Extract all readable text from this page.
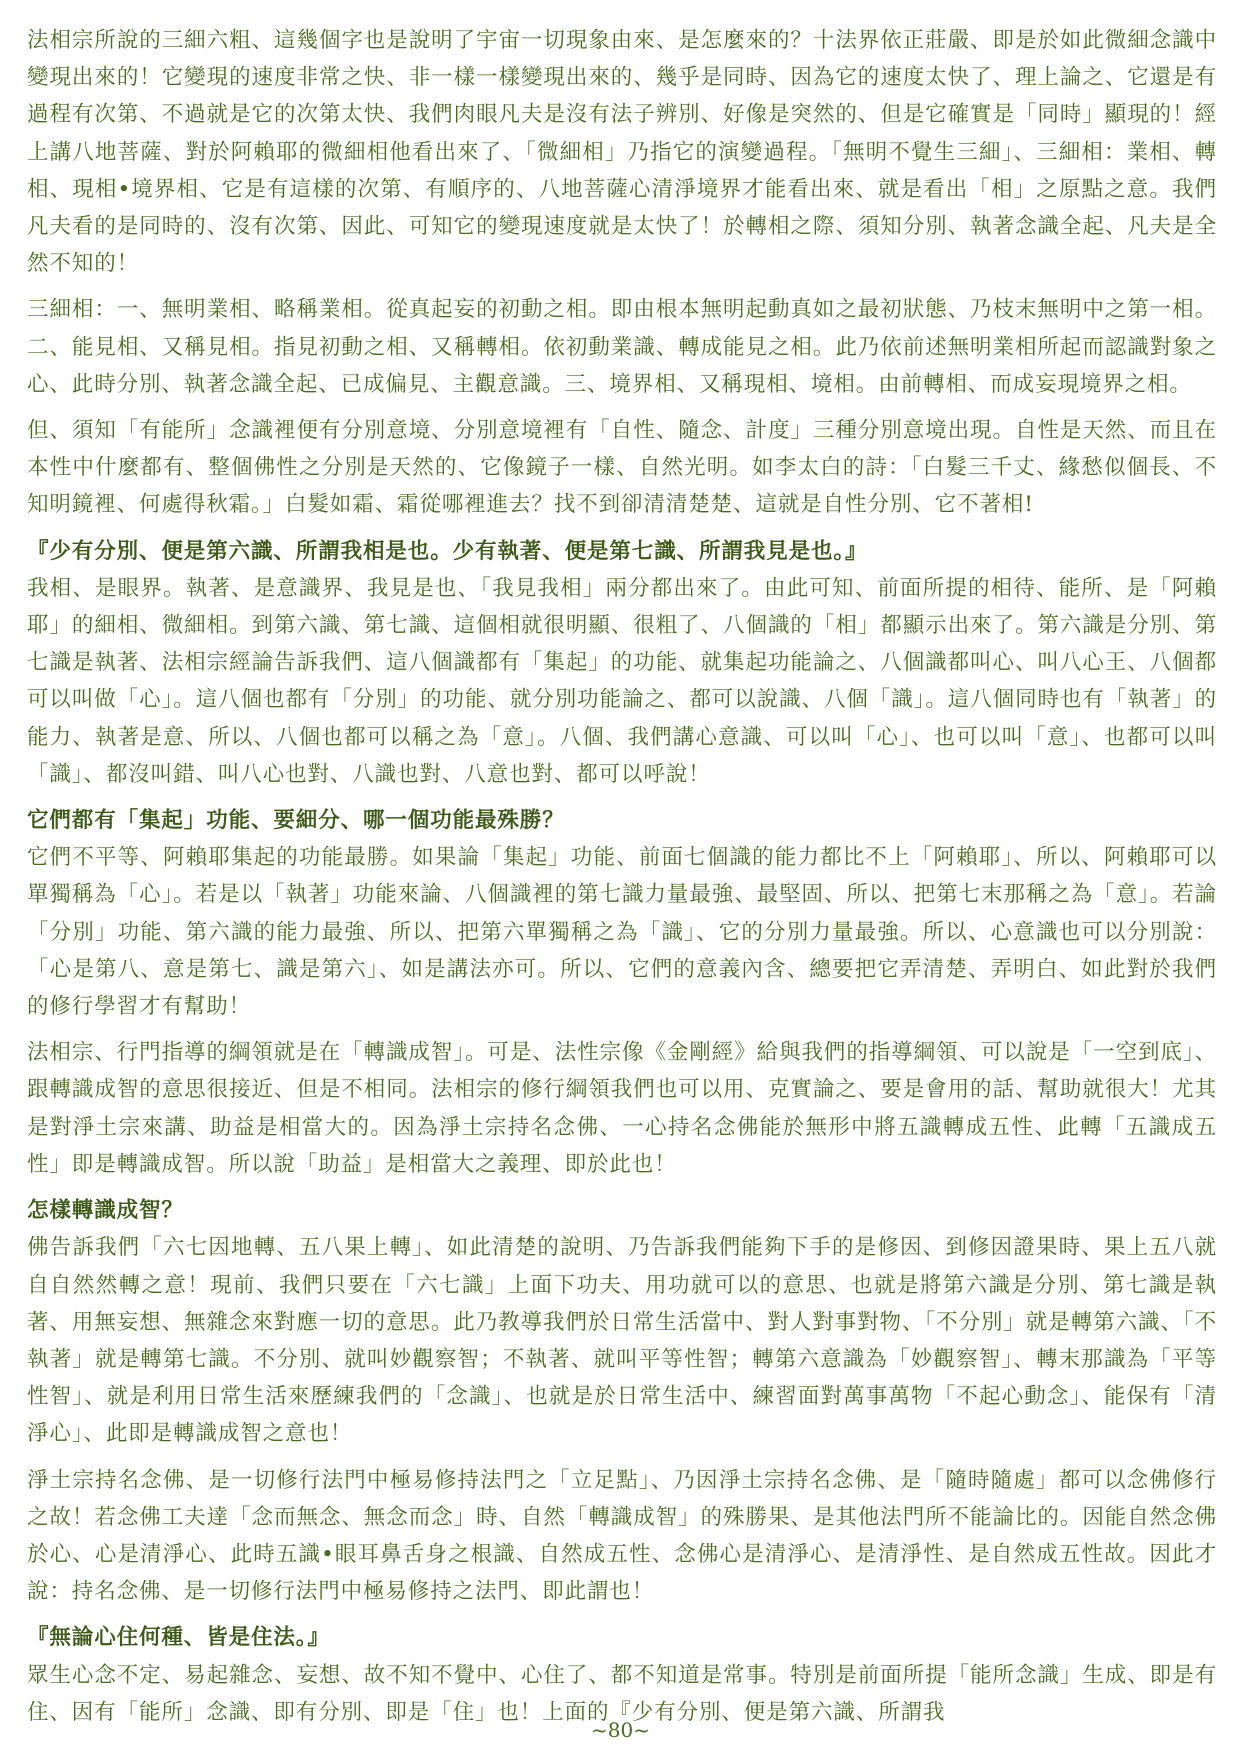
法相宗所說的三細六粗、這幾個字也是說明了宇宙一切現象由來、是怎麼來的？十法界依正莊嚴、即是於如此微細念識中變現出來的！它變現的速度非常之快、非一樣一樣變現出來的、幾乎是同時、因為它的速度太快了、理上論之、它還是有過程有次第、不過就是它的次第太快、我們肉眼凡夫是沒有法子辨別、好像是突然的、但是它確實是「同時」顯現的！經上講八地菩薩、對於阿賴耶的微細相他看出來了、「微細相」乃指它的演變過程。「無明不覺生三細」、三細相：業相、轉相、現相•境界相、它是有這樣的次第、有順序的、八地菩薩心清淨境界才能看出來、就是看出「相」之原點之意。我們凡夫看的是同時的、沒有次第、因此、可知它的變現速度就是太快了！於轉相之際、須知分別、執著念識全起、凡夫是全然不知的！

三細相：一、無明業相、略稱業相。從真起妄的初動之相。即由根本無明起動真如之最初狀態、乃枝末無明中之第一相。二、能見相、又稱見相。指見初動之相、又稱轉相。依初動業識、轉成能見之相。此乃依前述無明業相所起而認識對象之心、此時分別、執著念識全起、已成偏見、主觀意識。三、境界相、又稱現相、境相。由前轉相、而成妄現境界之相。

但、須知「有能所」念識裡便有分別意境、分別意境裡有「自性、隨念、計度」三種分別意境出現。自性是天然、而且在本性中什麼都有、整個佛性之分別是天然的、它像鏡子一樣、自然光明。如李太白的詩：「白髮三千丈、緣愁似個長、不知明鏡裡、何處得秋霜。」白髮如霜、霜從哪裡進去？找不到卻清清楚楚、這就是自性分別、它不著相!

『少有分別、便是第六識、所謂我相是也。少有執著、便是第七識、所謂我見是也。』

我相、是眼界。執著、是意識界、我見是也、「我見我相」兩分都出來了。由此可知、前面所提的相待、能所、是「阿賴耶」的細相、微細相。到第六識、第七識、這個相就很明顯、很粗了、八個識的「相」都顯示出來了。第六識是分別、第七識是執著、法相宗經論告訴我們、這八個識都有「集起」的功能、就集起功能論之、八個識都叫心、叫八心王、八個都可以叫做「心」。這八個也都有「分別」的功能、就分別功能論之、都可以說識、八個「識」。這八個同時也有「執著」的能力、執著是意、所以、八個也都可以稱之為「意」。八個、我們講心意識、可以叫「心」、也可以叫「意」、也都可以叫「識」、都沒叫錯、叫八心也對、八識也對、八意也對、都可以呼說！

它們都有「集起」功能、要細分、哪一個功能最殊勝？

它們不平等、阿賴耶集起的功能最勝。如果論「集起」功能、前面七個識的能力都比不上「阿賴耶」、所以、阿賴耶可以單獨稱為「心」。若是以「執著」功能來論、八個識裡的第七識力量最強、最堅固、所以、把第七末那稱之為「意」。若論「分別」功能、第六識的能力最強、所以、把第六單獨稱之為「識」、它的分別力量最強。所以、心意識也可以分別說：「心是第八、意是第七、識是第六」、如是講法亦可。所以、它們的意義內含、總要把它弄清楚、弄明白、如此對於我們的修行學習才有幫助！

法相宗、行門指導的綱領就是在「轉識成智」。可是、法性宗像《金剛經》給與我們的指導綱領、可以說是「一空到底」、跟轉識成智的意思很接近、但是不相同。法相宗的修行綱領我們也可以用、克實論之、要是會用的話、幫助就很大！尤其是對淨土宗來講、助益是相當大的。因為淨土宗持名念佛、一心持名念佛能於無形中將五識轉成五性、此轉「五識成五性」即是轉識成智。所以說「助益」是相當大之義理、即於此也！

怎樣轉識成智？

佛告訴我們「六七因地轉、五八果上轉」、如此清楚的說明、乃告訴我們能夠下手的是修因、到修因證果時、果上五八就自自然然轉之意！現前、我們只要在「六七識」上面下功夫、用功就可以的意思、也就是將第六識是分別、第七識是執著、用無妄想、無雜念來對應一切的意思。此乃教導我們於日常生活當中、對人對事對物、「不分別」就是轉第六識、「不執著」就是轉第七識。不分別、就叫妙觀察智；不執著、就叫平等性智；轉第六意識為「妙觀察智」、轉末那識為「平等性智」、就是利用日常生活來歷練我們的「念識」、也就是於日常生活中、練習面對萬事萬物「不起心動念」、能保有「清淨心」、此即是轉識成智之意也！

淨土宗持名念佛、是一切修行法門中極易修持法門之「立足點」、乃因淨土宗持名念佛、是「隨時隨處」都可以念佛修行之故！若念佛工夫達「念而無念、無念而念」時、自然「轉識成智」的殊勝果、是其他法門所不能論比的。因能自然念佛於心、心是清淨心、此時五識•眼耳鼻舌身之根識、自然成五性、念佛心是清淨心、是清淨性、是自然成五性故。因此才說：持名念佛、是一切修行法門中極易修持之法門、即此謂也！

『無論心住何種、皆是住法。』

眾生心念不定、易起雜念、妄想、故不知不覺中、心住了、都不知道是常事。特別是前面所提「能所念識」生成、即是有住、因有「能所」念識、即有分別、即是「住」也！上面的『少有分別、便是第六識、所謂我

~80~
